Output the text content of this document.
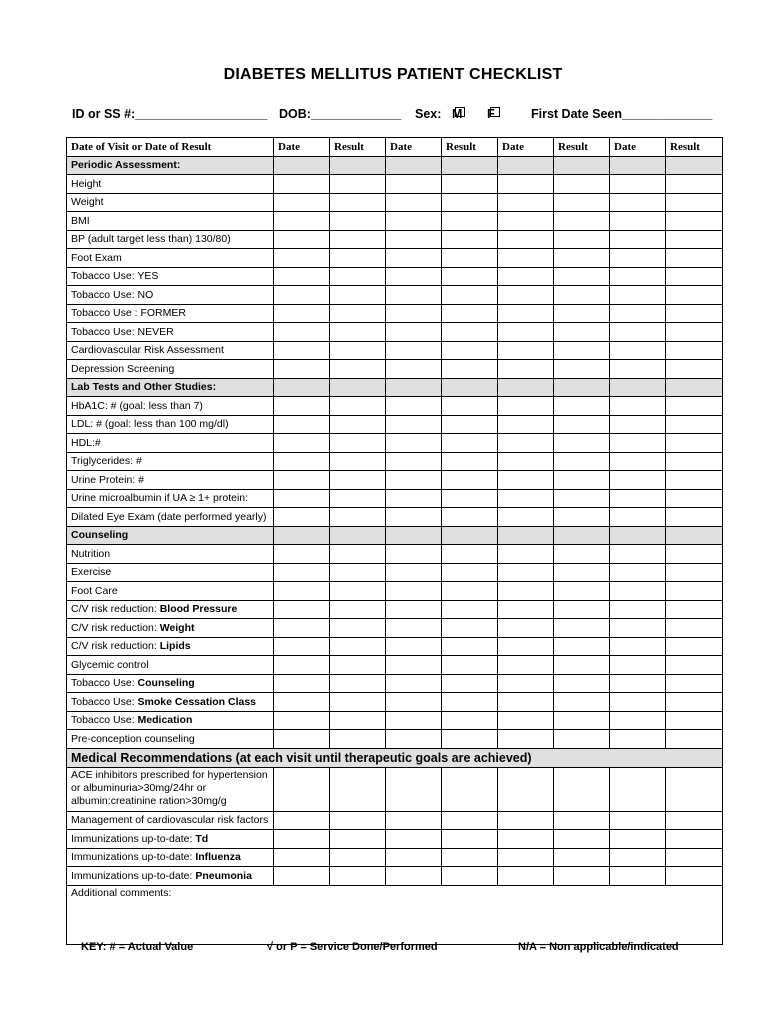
DIABETES MELLITUS PATIENT CHECKLIST
ID or SS #:___________________ DOB:_____________ Sex: M F	First Date Seen_____________
Date of Visit or Date of Result	Date	Result	Date	Result	Date	Result	Date	Result
Periodic Assessment:								
Height								
Weight								
BMI								
BP (adult target less than) 130/80)								
Foot Exam								
Tobacco Use: YES								
Tobacco Use: NO								
Tobacco Use : FORMER								
Tobacco Use: NEVER								
Cardiovascular Risk Assessment								
Depression Screening								
Lab Tests and Other Studies:								
HbA1C: # (goal: less than 7)								
LDL: # (goal: less than 100 mg/dl)								
HDL:#								
Triglycerides: #								
Urine Protein: #								
Urine microalbumin if UA ≥ 1+ protein:								
Dilated Eye Exam (date performed yearly)								
Counseling								
Nutrition								
Exercise								
Foot Care								
C/V risk reduction: Blood Pressure								
C/V risk reduction: Weight								
C/V risk reduction: Lipids								
Glycemic control								
Tobacco Use: Counseling								
Tobacco Use: Smoke Cessation Class								
Tobacco Use: Medication								
Pre-conception counseling								
Medical Recommendations (at each visit until therapeutic goals are achieved)								
ACE inhibitors prescribed for hypertension or albuminuria>30mg/24hr or albumin:creatinine ration>30mg/g								
Management of cardiovascular risk factors								
Immunizations up-to-date: Td								
Immunizations up-to-date: Influenza								
Immunizations up-to-date: Pneumonia								
Additional comments:								
KEY: # = Actual Value	√ or P = Service Done/Performed	N/A = Non applicable/indicated
